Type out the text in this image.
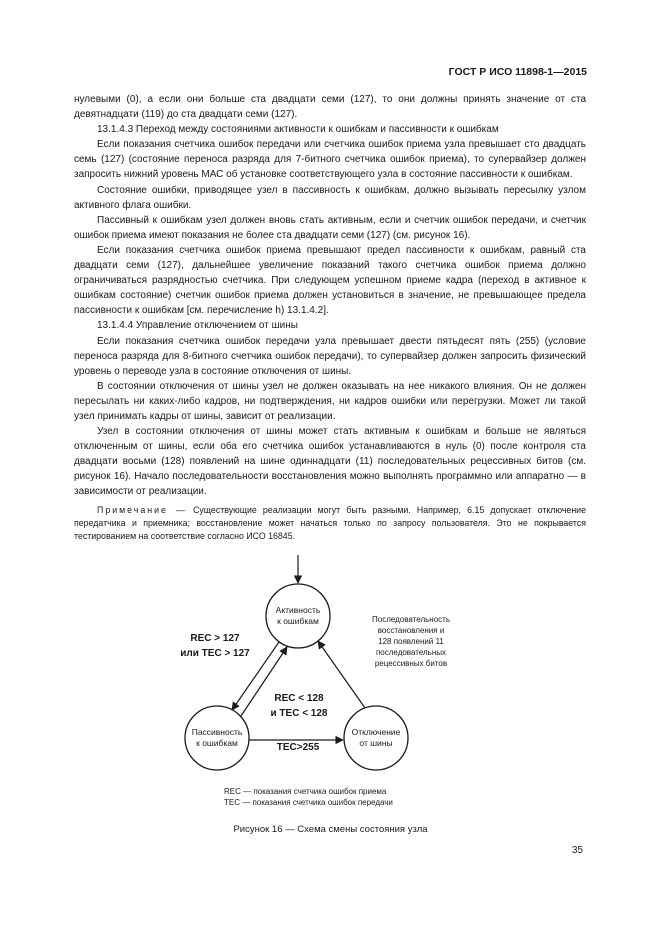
ГОСТ Р ИСО 11898-1—2015

нулевыми (0), а если они больше ста двадцати семи (127), то они должны принять значение от ста девятнадцати (119) до ста двадцати семи (127).

13.1.4.3 Переход между состояниями активности к ошибкам и пассивности к ошибкам

Если показания счетчика ошибок передачи или счетчика ошибок приема узла превышает сто двадцать семь (127) (состояние переноса разряда для 7-битного счетчика ошибок приема), то супервайзер должен запросить нижний уровень МАС об установке соответствующего узла в состояние пассивности к ошибкам.

Состояние ошибки, приводящее узел в пассивность к ошибкам, должно вызывать пересылку узлом активного флага ошибки.

Пассивный к ошибкам узел должен вновь стать активным, если и счетчик ошибок передачи, и счетчик ошибок приема имеют показания не более ста двадцати семи (127) (см. рисунок 16).

Если показания счетчика ошибок приема превышают предел пассивности к ошибкам, равный ста двадцати семи (127), дальнейшее увеличение показаний такого счетчика ошибок приема должно ограничиваться разрядностью счетчика. При следующем успешном приеме кадра (переход в активное к ошибкам состояние) счетчик ошибок приема должен установиться в значение, не превышающее предела пассивности к ошибкам [см. перечисление h) 13.1.4.2].

13.1.4.4 Управление отключением от шины

Если показания счетчика ошибок передачи узла превышает двести пятьдесят пять (255) (условие переноса разряда для 8-битного счетчика ошибок передачи), то супервайзер должен запросить физический уровень о переводе узла в состояние отключения от шины.

В состоянии отключения от шины узел не должен оказывать на нее никакого влияния. Он не должен пересылать ни каких-либо кадров, ни подтверждения, ни кадров ошибки или перегрузки. Может ли такой узел принимать кадры от шины, зависит от реализации.

Узел в состоянии отключения от шины может стать активным к ошибкам и больше не являться отключенным от шины, если оба его счетчика ошибок устанавливаются в нуль (0) после контроля ста двадцати восьми (128) появлений на шине одиннадцати (11) последовательных рецессивных битов (см. рисунок 16). Начало последовательности восстановления можно выполнять программно или аппаратно — в зависимости от реализации.

Примечание — Существующие реализации могут быть разными. Например, 6.15 допускает отключение передатчика и приемника; восстановление может начаться только по запросу пользователя. Это не покрывается тестированием на соответствие согласно ИСО 16845.

Активность
к ошибкам
Пассивность
к ошибкам
Отключение
от шины
REC > 127
или TEC > 127
REC < 128
и TEC < 128
TEC>255
Последовательность
восстановления и
128 появлений 11
последовательных
рецессивных битов
REC — показания счетчика ошибок приема
TEC — показания счетчика ошибок передачи
Рисунок 16 — Схема смены состояния узла
35
